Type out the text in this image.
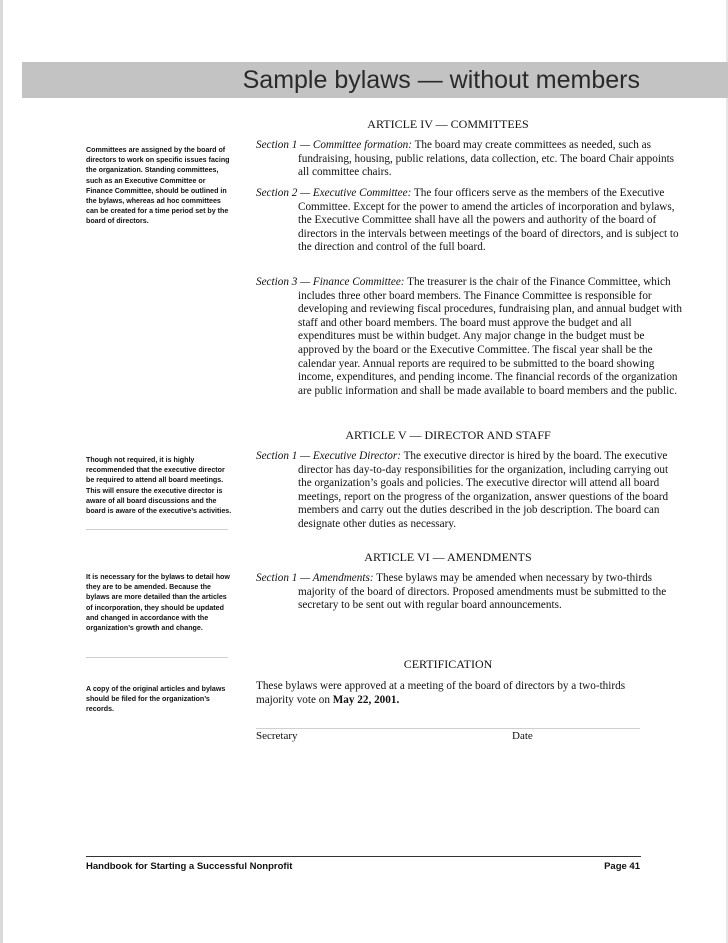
Sample bylaws — without members
ARTICLE IV — COMMITTEES
Section 1 — Committee formation: The board may create committees as needed, such as fundraising, housing, public relations, data collection, etc. The board Chair appoints all committee chairs.
Section 2 — Executive Committee: The four officers serve as the members of the Executive Committee. Except for the power to amend the articles of incorporation and bylaws, the Executive Committee shall have all the powers and authority of the board of directors in the intervals between meetings of the board of directors, and is subject to the direction and control of the full board.
Section 3 — Finance Committee: The treasurer is the chair of the Finance Committee, which includes three other board members. The Finance Committee is responsible for developing and reviewing fiscal procedures, fundraising plan, and annual budget with staff and other board members. The board must approve the budget and all expenditures must be within budget. Any major change in the budget must be approved by the board or the Executive Committee. The fiscal year shall be the calendar year. Annual reports are required to be submitted to the board showing income, expenditures, and pending income. The financial records of the organization are public information and shall be made available to board members and the public.
ARTICLE V — DIRECTOR AND STAFF
Section 1 — Executive Director: The executive director is hired by the board. The executive director has day-to-day responsibilities for the organization, including carrying out the organization’s goals and policies. The executive director will attend all board meetings, report on the progress of the organization, answer questions of the board members and carry out the duties described in the job description. The board can designate other duties as necessary.
ARTICLE VI — AMENDMENTS
Section 1 — Amendments: These bylaws may be amended when necessary by two-thirds majority of the board of directors. Proposed amendments must be submitted to the secretary to be sent out with regular board announcements.
CERTIFICATION
These bylaws were approved at a meeting of the board of directors by a two-thirds majority vote on May 22, 2001.
Secretary	Date
Committees are assigned by the board of directors to work on specific issues facing the organization. Standing committees, such as an Executive Committee or Finance Committee, should be outlined in the bylaws, whereas ad hoc committees can be created for a time period set by the board of directors.
Though not required, it is highly recommended that the executive director be required to attend all board meetings. This will ensure the executive director is aware of all board discussions and the board is aware of the executive’s activities.
It is necessary for the bylaws to detail how they are to be amended. Because the bylaws are more detailed than the articles of incorporation, they should be updated and changed in accordance with the organization’s growth and change.
A copy of the original articles and bylaws should be filed for the organization’s records.
Handbook for Starting a Successful Nonprofit	Page 41
